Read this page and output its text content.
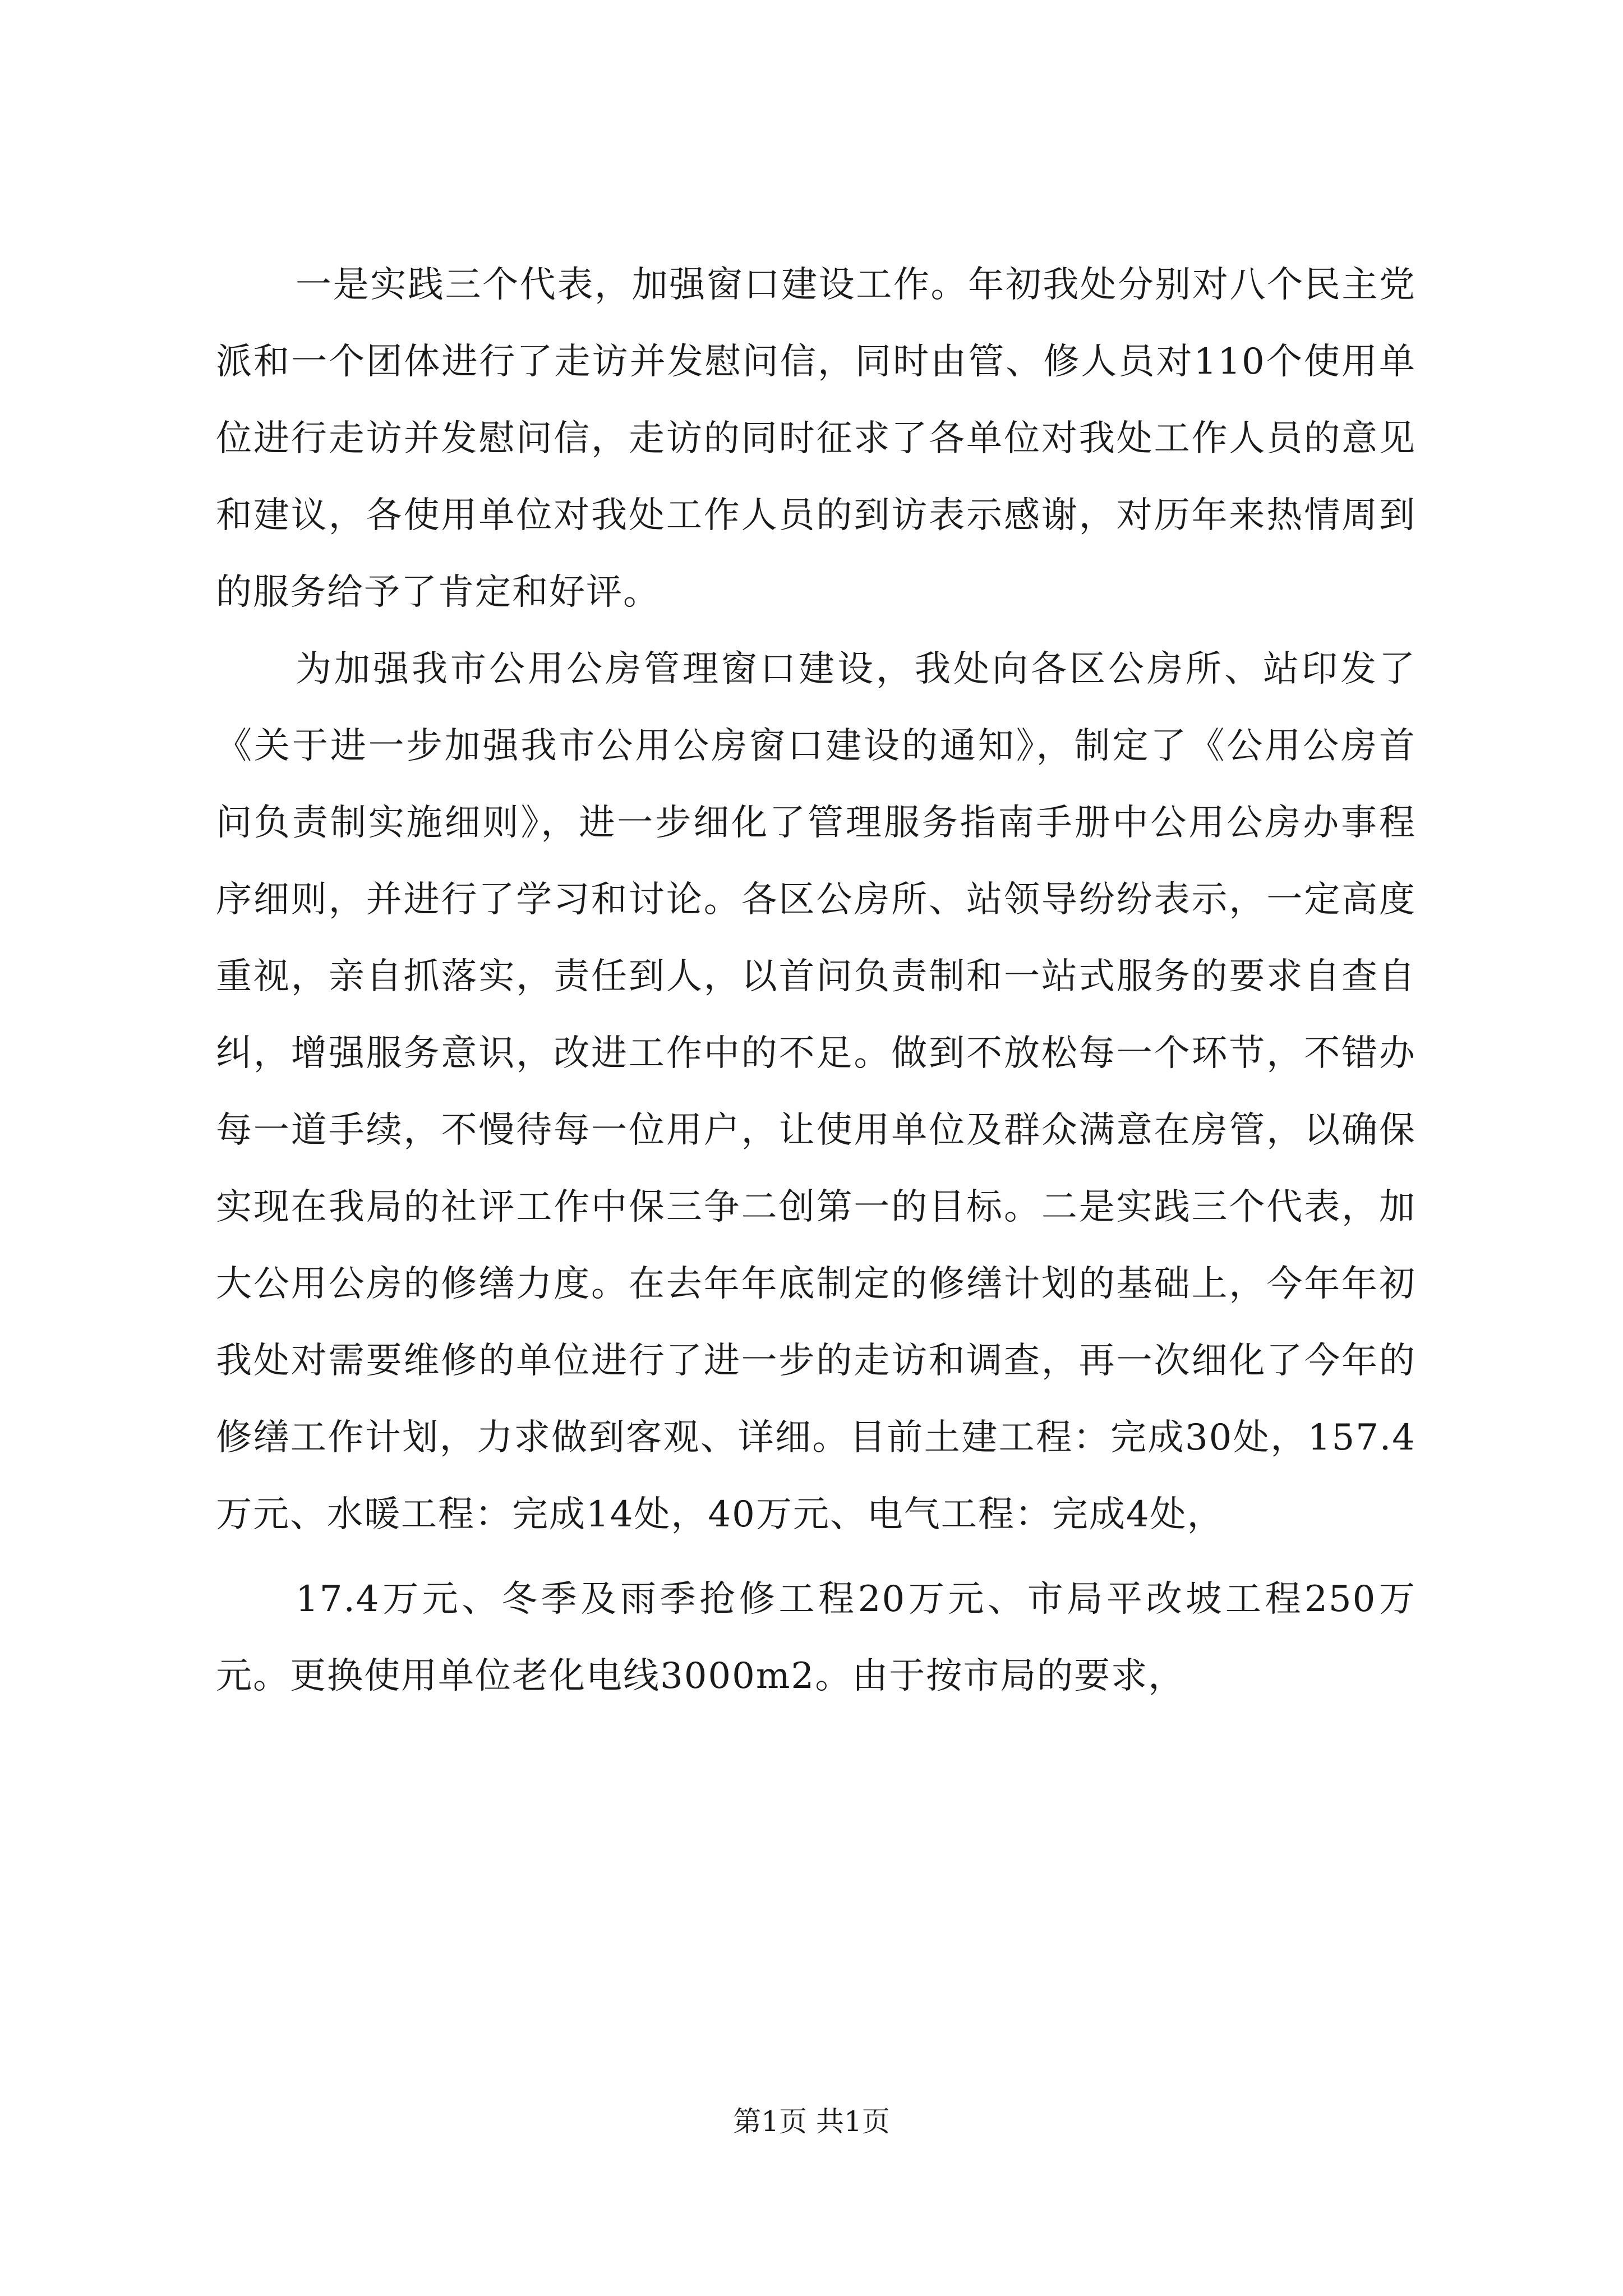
一是实践三个代表，加强窗口建设工作。年初我处分别对八个民主党派和一个团体进行了走访并发慰问信，同时由管、修人员对110个使用单位进行走访并发慰问信，走访的同时征求了各单位对我处工作人员的意见和建议，各使用单位对我处工作人员的到访表示感谢，对历年来热情周到的服务给予了肯定和好评。

为加强我市公用公房管理窗口建设，我处向各区公房所、站印发了《关于进一步加强我市公用公房窗口建设的通知》，制定了《公用公房首问负责制实施细则》，进一步细化了管理服务指南手册中公用公房办事程序细则，并进行了学习和讨论。各区公房所、站领导纷纷表示，一定高度重视，亲自抓落实，责任到人，以首问负责制和一站式服务的要求自查自纠，增强服务意识，改进工作中的不足。做到不放松每一个环节，不错办每一道手续，不慢待每一位用户，让使用单位及群众满意在房管，以确保实现在我局的社评工作中保三争二创第一的目标。二是实践三个代表，加大公用公房的修缮力度。在去年年底制定的修缮计划的基础上，今年年初我处对需要维修的单位进行了进一步的走访和调查，再一次细化了今年的修缮工作计划，力求做到客观、详细。目前土建工程：完成30处，157.4万元、水暖工程：完成14处，40万元、电气工程：完成4处，

17.4万元、冬季及雨季抢修工程20万元、市局平改坡工程250万元。更换使用单位老化电线3000m2。由于按市局的要求，

第1页 共1页
